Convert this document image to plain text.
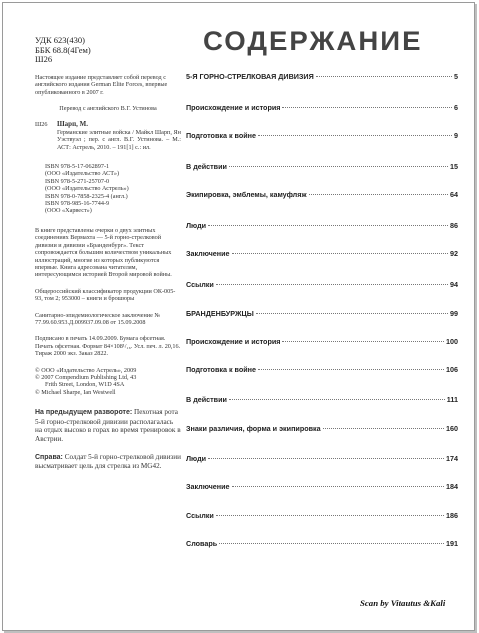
УДК 623(430)

ББК 68.8(4Гем)

Ш26

Настоящее издание представляет собой перевод с английского издания German Elite Forces, впервые опубликованного в 2007 г.

Перевод с английского В.Г. Устинова

Ш26	Шарп, М.

Германские элитные войска / Майкл Шарп, Ян Уэствуэл ; пер. с англ. В.Г. Устинова. – М.: АСТ: Астрель, 2010. – 191[1] с.: ил.

ISBN 978-5-17-062897-1

(ООО «Издательство АСТ»)

ISBN 978-5-271-25707-0

(ООО «Издательство Астрель»)

ISBN 978-0-7858-2325-4 (англ.)

ISBN 978-985-16-7744-9

(ООО «Харвест»)

В книге представлены очерки о двух элитных соединениях Вермахта — 5-й горно-стрелковой дивизии и дивизии «Бранденбург». Текст сопровождается большим количеством уникальных иллюстраций, многие из которых публикуются впервые. Книга адресована читателям, интересующимся историей Второй мировой войны.

Общероссийский классификатор продукции ОК-005-93, том 2; 953000 – книги и брошюры

Санитарно-эпидемиологическое заключение № 77.99.60.953.Д.009937.09.08 от 15.09.2008

Подписано в печать 14.09.2009. Бумага офсетная. Печать офсетная. Формат 84×108¹/₁₆. Усл. печ. л. 20,16. Тираж 2000 экз. Заказ 2822.

© ООО «Издательство Астрель», 2009

© 2007 Compendium Publishing Ltd, 43

Frith Street, London, W1D 4SA

© Michael Sharpe, Ian Westwell

На предыдущем развороте: Пехотная рота 5-й горно-стрелковой дивизии располагалась на отдых высоко в горах во время тренировок в Австрии.

Справа: Солдат 5-й горно-стрелковой дивизии высматривает цель для стрелка из MG42.

СОДЕРЖАНИЕ
5-Я ГОРНО-СТРЕЛКОВАЯ ДИВИЗИЯ	5
Происхождение и история	6
Подготовка к войне	9
В действии	15
Экипировка, эмблемы, камуфляж	64
Люди	86
Заключение	92
Ссылки	94
БРАНДЕНБУРЖЦЫ	99
Происхождение и история	100
Подготовка к войне	106
В действии	111
Знаки различия, форма и экипировка	160
Люди	174
Заключение	184
Ссылки	186
Словарь	191
Scan by Vitautus &Kali
